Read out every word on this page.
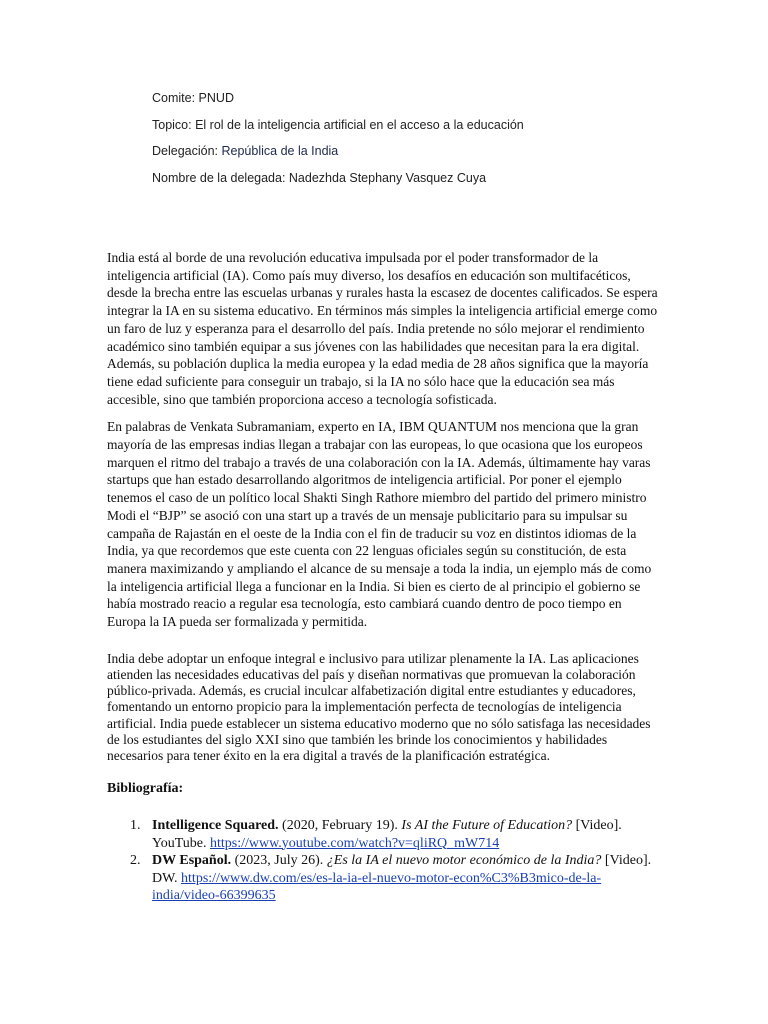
Comite: PNUD
Topico: El rol de la inteligencia artificial en el acceso a la educación
Delegación: República de la India
Nombre de la delegada: Nadezhda Stephany Vasquez Cuya

India está al borde de una revolución educativa impulsada por el poder transformador de la inteligencia artificial (IA). Como país muy diverso, los desafíos en educación son multifacéticos, desde la brecha entre las escuelas urbanas y rurales hasta la escasez de docentes calificados. Se espera integrar la IA en su sistema educativo. En términos más simples la inteligencia artificial emerge como un faro de luz y esperanza para el desarrollo del país. India pretende no sólo mejorar el rendimiento académico sino también equipar a sus jóvenes con las habilidades que necesitan para la era digital. Además, su población duplica la media europea y la edad media de 28 años significa que la mayoría tiene edad suficiente para conseguir un trabajo, si la IA no sólo hace que la educación sea más accesible, sino que también proporciona acceso a tecnología sofisticada.

En palabras de Venkata Subramaniam, experto en IA, IBM QUANTUM nos menciona que la gran mayoría de las empresas indias llegan a trabajar con las europeas, lo que ocasiona que los europeos marquen el ritmo del trabajo a través de una colaboración con la IA. Además, últimamente hay varas startups que han estado desarrollando algoritmos de inteligencia artificial. Por poner el ejemplo tenemos el caso de un político local Shakti Singh Rathore miembro del partido del primero ministro Modi el “BJP” se asoció con una start up a través de un mensaje publicitario para su impulsar su campaña de Rajastán en el oeste de la India con el fin de traducir su voz en distintos idiomas de la India, ya que recordemos que este cuenta con 22 lenguas oficiales según su constitución, de esta manera maximizando y ampliando el alcance de su mensaje a toda la india, un ejemplo más de como la inteligencia artificial llega a funcionar en la India. Si bien es cierto de al principio el gobierno se había mostrado reacio a regular esa tecnología, esto cambiará cuando dentro de poco tiempo en Europa la IA pueda ser formalizada y permitida.

India debe adoptar un enfoque integral e inclusivo para utilizar plenamente la IA. Las aplicaciones atienden las necesidades educativas del país y diseñan normativas que promuevan la colaboración público-privada. Además, es crucial inculcar alfabetización digital entre estudiantes y educadores, fomentando un entorno propicio para la implementación perfecta de tecnologías de inteligencia artificial. India puede establecer un sistema educativo moderno que no sólo satisfaga las necesidades de los estudiantes del siglo XXI sino que también les brinde los conocimientos y habilidades necesarios para tener éxito en la era digital a través de la planificación estratégica.

Bibliografía:
1. Intelligence Squared. (2020, February 19). Is AI the Future of Education? [Video]. YouTube. https://www.youtube.com/watch?v=qliRQ_mW714
2. DW Español. (2023, July 26). ¿Es la IA el nuevo motor económico de la India? [Video]. DW. https://www.dw.com/es/es-la-ia-el-nuevo-motor-econ%C3%B3mico-de-la-india/video-66399635
